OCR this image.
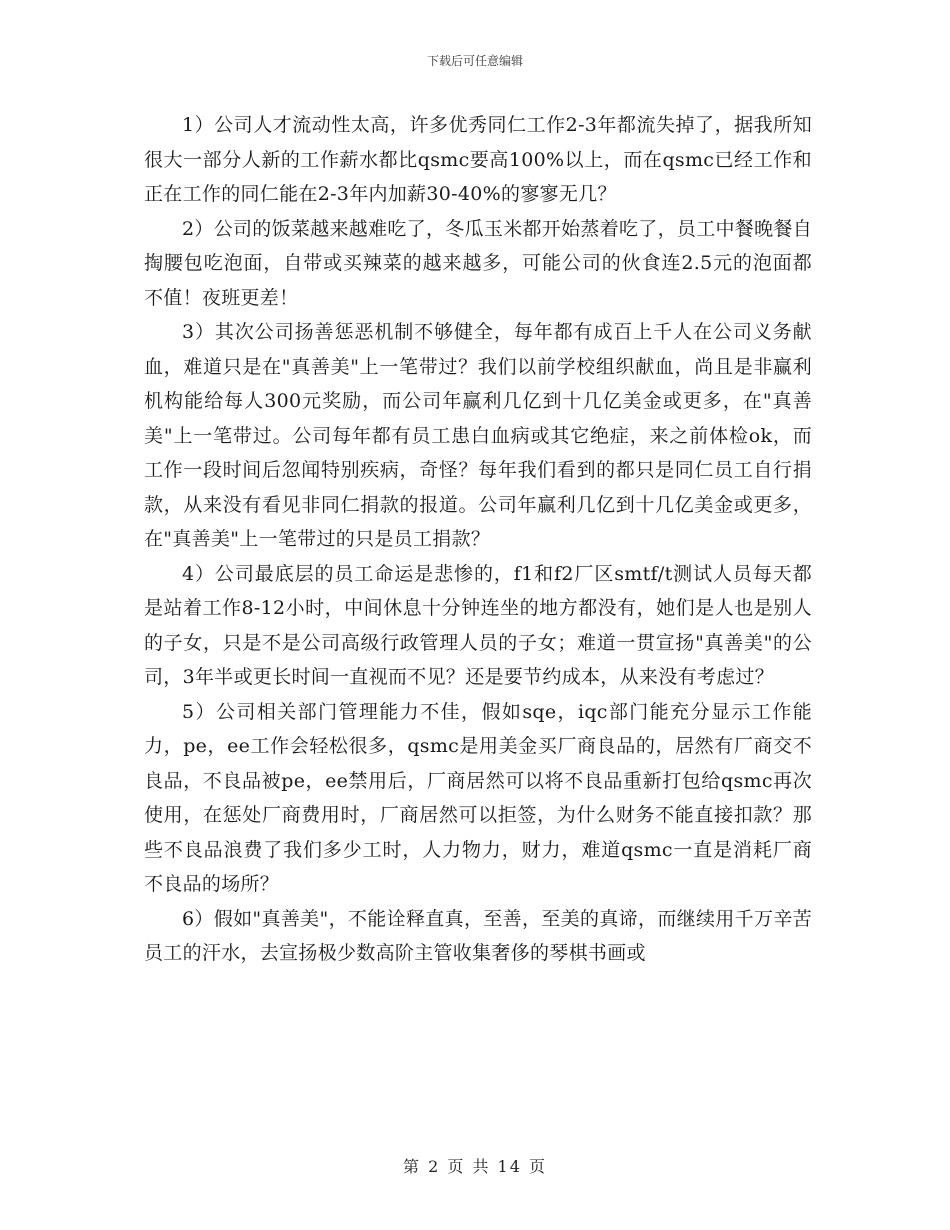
下载后可任意编辑

1）公司人才流动性太高，许多优秀同仁工作2-3年都流失掉了，据我所知很大一部分人新的工作薪水都比qsmc要高100%以上，而在qsmc已经工作和正在工作的同仁能在2-3年内加薪30-40%的寥寥无几？

2）公司的饭菜越来越难吃了，冬瓜玉米都开始蒸着吃了，员工中餐晚餐自掏腰包吃泡面，自带或买辣菜的越来越多，可能公司的伙食连2.5元的泡面都不值！夜班更差！

3）其次公司扬善惩恶机制不够健全，每年都有成百上千人在公司义务献血，难道只是在"真善美"上一笔带过？我们以前学校组织献血，尚且是非赢利机构能给每人300元奖励，而公司年赢利几亿到十几亿美金或更多，在"真善美"上一笔带过。公司每年都有员工患白血病或其它绝症，来之前体检ok，而工作一段时间后忽闻特别疾病，奇怪？每年我们看到的都只是同仁员工自行捐款，从来没有看见非同仁捐款的报道。公司年赢利几亿到十几亿美金或更多，在"真善美"上一笔带过的只是员工捐款？

4）公司最底层的员工命运是悲惨的，f1和f2厂区smtf/t测试人员每天都是站着工作8-12小时，中间休息十分钟连坐的地方都没有，她们是人也是别人的子女，只是不是公司高级行政管理人员的子女；难道一贯宣扬"真善美"的公司，3年半或更长时间一直视而不见？还是要节约成本，从来没有考虑过？

5）公司相关部门管理能力不佳，假如sqe，iqc部门能充分显示工作能力，pe，ee工作会轻松很多，qsmc是用美金买厂商良品的，居然有厂商交不良品，不良品被pe，ee禁用后，厂商居然可以将不良品重新打包给qsmc再次使用，在惩处厂商费用时，厂商居然可以拒签，为什么财务不能直接扣款？那些不良品浪费了我们多少工时，人力物力，财力，难道qsmc一直是消耗厂商不良品的场所？

6）假如"真善美"，不能诠释直真，至善，至美的真谛，而继续用千万辛苦员工的汗水，去宣扬极少数高阶主管收集奢侈的琴棋书画或

第 2 页 共 14 页
